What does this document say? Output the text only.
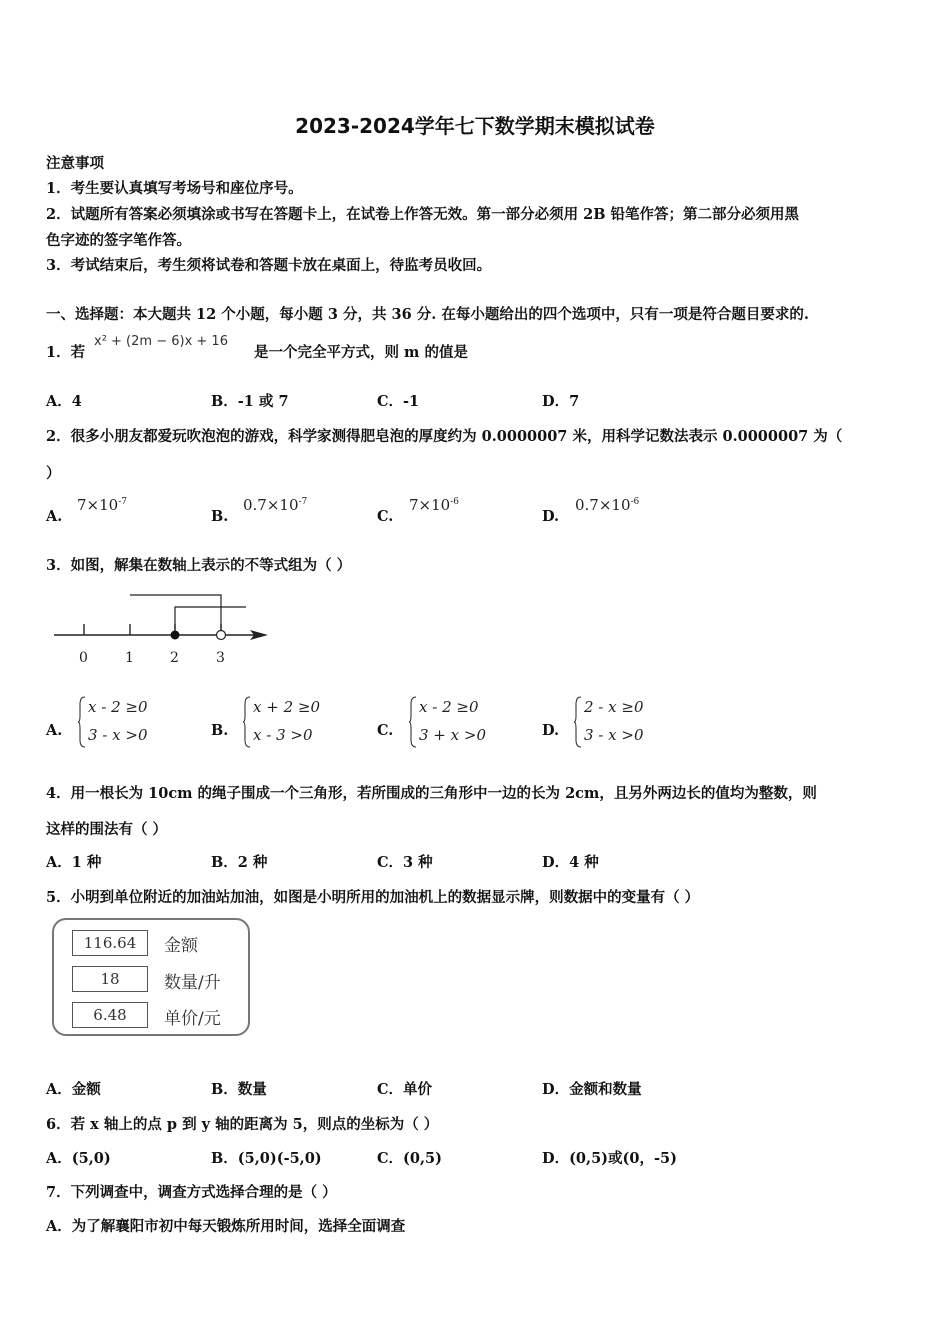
2023-2024学年七下数学期末模拟试卷
注意事项
1．考生要认真填写考场号和座位序号。
2．试题所有答案必须填涂或书写在答题卡上，在试卷上作答无效。第一部分必须用 2B 铅笔作答；第二部分必须用黑
色字迹的签字笔作答。
3．考试结束后，考生须将试卷和答题卡放在桌面上，待监考员收回。
一、选择题：本大题共 12 个小题，每小题 3 分，共 36 分. 在每小题给出的四个选项中，只有一项是符合题目要求的.
1．若
x² + (2m − 6)x + 16
是一个完全平方式，则 m 的值是
A．4	B．-1 或 7	C．-1	D．7
2．很多小朋友都爱玩吹泡泡的游戏，科学家测得肥皂泡的厚度约为 0.0000007 米，用科学记数法表示 0.0000007 为（
）
A.
$7\times 10^{-7}$
B.
$0.7\times 10^{-7}$
C.
$7\times 10^{-6}$
D.
$0.7\times 10^{-6}$
3．如图，解集在数轴上表示的不等式组为（ ）
0	1	2	3
A.
x - 2 ≥0
3 - x >0	B.
x + 2 ≥0
x - 3 >0	C.
x - 2 ≥0
3 + x >0	D.
2 - x ≥0
3 - x >0
4．用一根长为 10cm 的绳子围成一个三角形，若所围成的三角形中一边的长为 2cm，且另外两边长的值均为整数，则
这样的围法有（ ）
A．1 种	B．2 种	C．3 种	D．4 种
5．小明到单位附近的加油站加油，如图是小明所用的加油机上的数据显示牌，则数据中的变量有（ ）
116.64	金额
18	数量/升
6.48	单价/元
A．金额	B．数量	C．单价	D．金额和数量
6．若 x 轴上的点 p 到 y 轴的距离为 5，则点的坐标为（ ）
A．(5,0)	B．(5,0)(-5,0)	C．(0,5)	D．(0,5)或(0，-5)
7．下列调查中，调查方式选择合理的是（ ）
A．为了解襄阳市初中每天锻炼所用时间，选择全面调查
